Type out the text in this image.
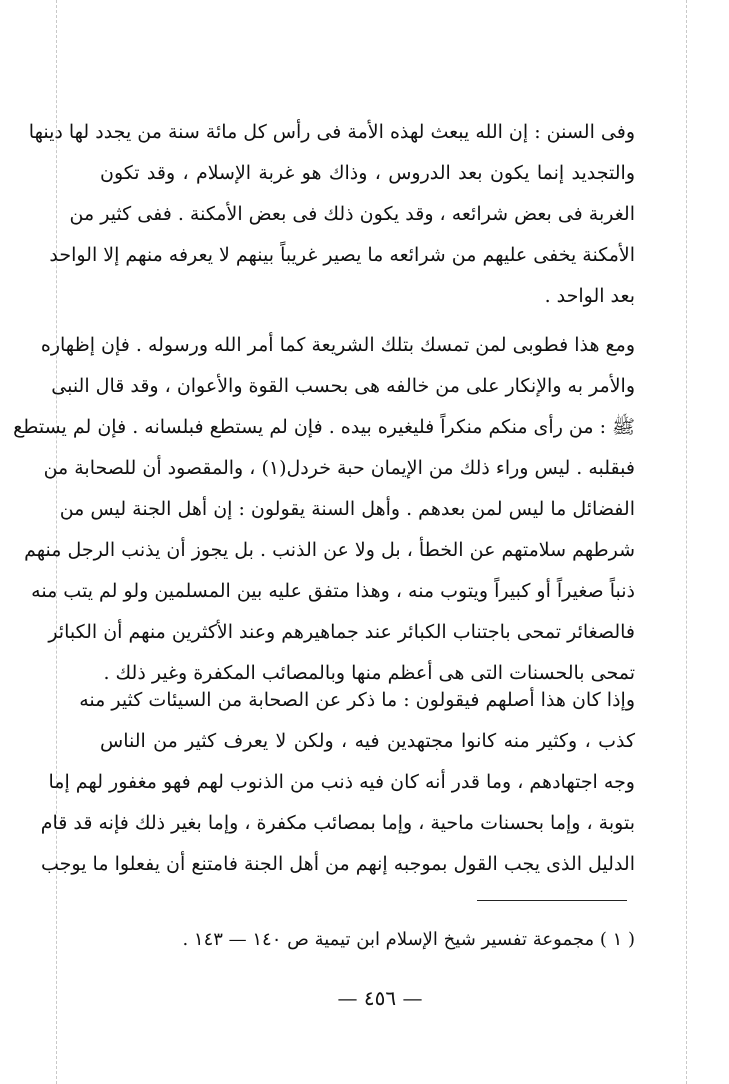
وفى السنن : إن الله يبعث لهذه الأمة فى رأس كل مائة سنة من يجدد لها دينها
والتجديد إنما يكون بعد الدروس ، وذاك هو غربة الإسلام ، وقد تكون
الغربة فى بعض شرائعه ، وقد يكون ذلك فى بعض الأمكنة . ففى كثير من
الأمكنة يخفى عليهم من شرائعه ما يصير غريباً بينهم لا يعرفه منهم إلا الواحد
بعد الواحد .
ومع هذا فطوبى لمن تمسك بتلك الشريعة كما أمر الله ورسوله . فإن إظهاره
والأمر به والإنكار على من خالفه هى بحسب القوة والأعوان ، وقد قال النبى
ﷺ : من رأى منكم منكراً فليغيره بيده . فإن لم يستطع فبلسانه . فإن لم يستطع
فبقلبه . ليس وراء ذلك من الإيمان حبة خردل(١) ، والمقصود أن للصحابة من
الفضائل ما ليس لمن بعدهم . وأهل السنة يقولون : إن أهل الجنة ليس من
شرطهم سلامتهم عن الخطأ ، بل ولا عن الذنب . بل يجوز أن يذنب الرجل منهم
ذنباً صغيراً أو كبيراً ويتوب منه ، وهذا متفق عليه بين المسلمين ولو لم يتب منه
فالصغائر تمحى باجتناب الكبائر عند جماهيرهم وعند الأكثرين منهم أن الكبائر
تمحى بالحسنات التى هى أعظم منها وبالمصائب المكفرة وغير ذلك .
وإذا كان هذا أصلهم فيقولون : ما ذكر عن الصحابة من السيئات كثير منه
كذب ، وكثير منه كانوا مجتهدين فيه ، ولكن لا يعرف كثير من الناس
وجه اجتهادهم ، وما قدر أنه كان فيه ذنب من الذنوب لهم فهو مغفور لهم إما
بتوبة ، وإما بحسنات ماحية ، وإما بمصائب مكفرة ، وإما بغير ذلك فإنه قد قام
الدليل الذى يجب القول بموجبه إنهم من أهل الجنة فامتنع أن يفعلوا ما يوجب
( ١ ) مجموعة تفسير شيخ الإسلام ابن تيمية ص ١٤٠ — ١٤٣ .
— ٤٥٦ —
